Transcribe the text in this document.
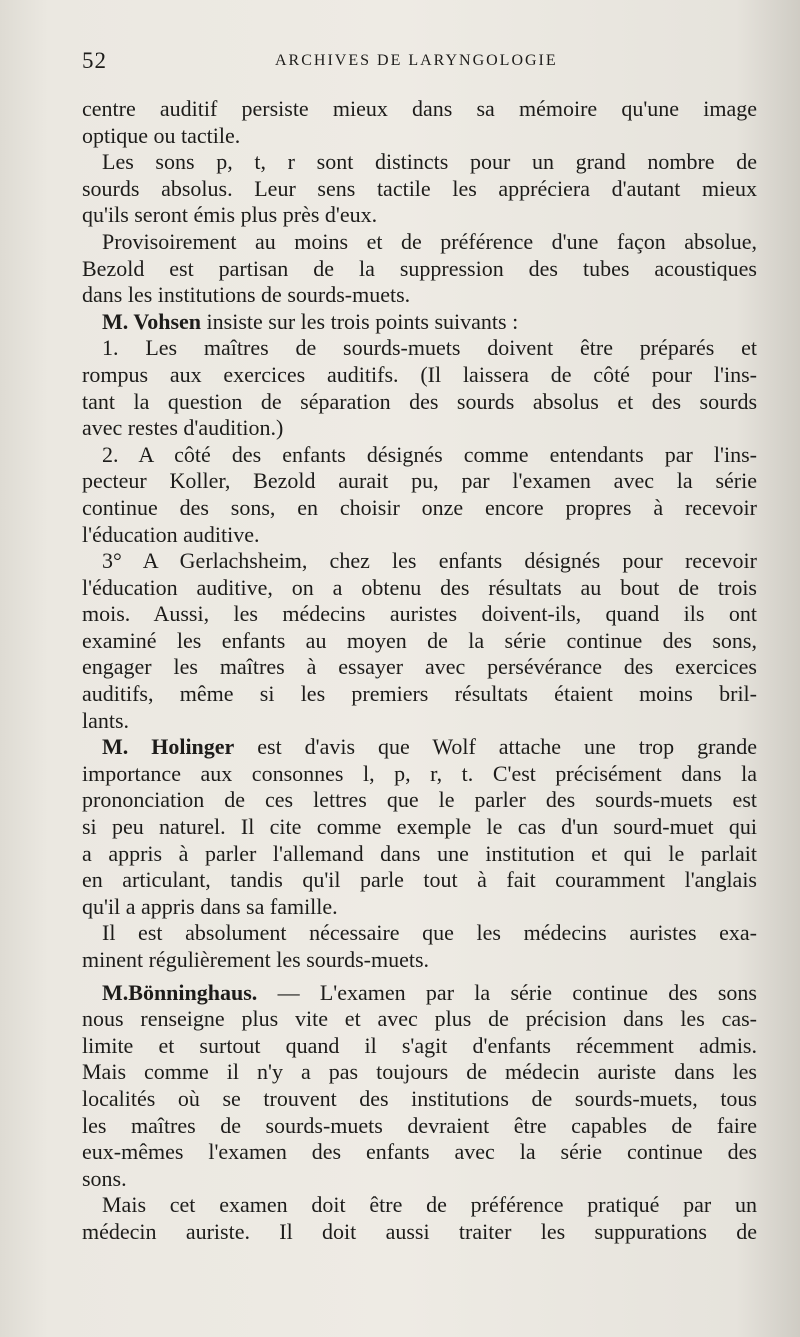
52	ARCHIVES DE LARYNGOLOGIE
centre auditif persiste mieux dans sa mémoire qu'une image
optique ou tactile.
Les sons p, t, r sont distincts pour un grand nombre de
sourds absolus. Leur sens tactile les appréciera d'autant mieux
qu'ils seront émis plus près d'eux.
Provisoirement au moins et de préférence d'une façon absolue,
Bezold est partisan de la suppression des tubes acoustiques
dans les institutions de sourds-muets.
M. Vohsen insiste sur les trois points suivants :
1. Les maîtres de sourds-muets doivent être préparés et
rompus aux exercices auditifs. (Il laissera de côté pour l'ins-
tant la question de séparation des sourds absolus et des sourds
avec restes d'audition.)
2. A côté des enfants désignés comme entendants par l'ins-
pecteur Koller, Bezold aurait pu, par l'examen avec la série
continue des sons, en choisir onze encore propres à recevoir
l'éducation auditive.
3° A Gerlachsheim, chez les enfants désignés pour recevoir
l'éducation auditive, on a obtenu des résultats au bout de trois
mois. Aussi, les médecins auristes doivent-ils, quand ils ont
examiné les enfants au moyen de la série continue des sons,
engager les maîtres à essayer avec persévérance des exercices
auditifs, même si les premiers résultats étaient moins bril-
lants.
M. Holinger est d'avis que Wolf attache une trop grande
importance aux consonnes l, p, r, t. C'est précisément dans la
prononciation de ces lettres que le parler des sourds-muets est
si peu naturel. Il cite comme exemple le cas d'un sourd-muet qui
a appris à parler l'allemand dans une institution et qui le parlait
en articulant, tandis qu'il parle tout à fait couramment l'anglais
qu'il a appris dans sa famille.
Il est absolument nécessaire que les médecins auristes exa-
minent régulièrement les sourds-muets.
M.Bönninghaus. — L'examen par la série continue des sons
nous renseigne plus vite et avec plus de précision dans les cas-
limite et surtout quand il s'agit d'enfants récemment admis.
Mais comme il n'y a pas toujours de médecin auriste dans les
localités où se trouvent des institutions de sourds-muets, tous
les maîtres de sourds-muets devraient être capables de faire
eux-mêmes l'examen des enfants avec la série continue des
sons.
Mais cet examen doit être de préférence pratiqué par un
médecin auriste. Il doit aussi traiter les suppurations de
